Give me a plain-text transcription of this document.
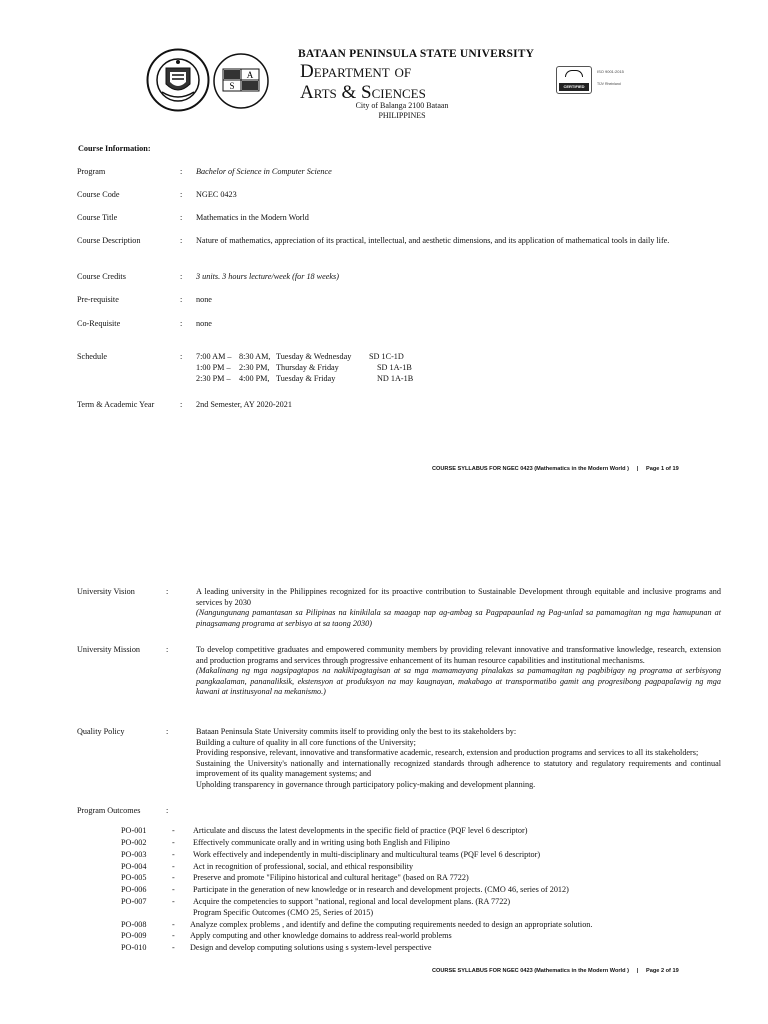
A
S
BATAAN PENINSULA STATE UNIVERSITY
Department of
Arts & Sciences
City of Balanga 2100 Bataan
PHILIPPINES
CERTIFIED
ISO 9001:2015
TÜV Rheinland
Course Information:
Program	: Bachelor of Science in Computer Science
Course Code	: NGEC 0423
Course Title	: Mathematics in the Modern World
Course Description	: Nature of mathematics, appreciation of its practical, intellectual, and aesthetic dimensions, and its application of mathematical tools in daily life.
Course Credits	: 3 units. 3 hours lecture/week (for 18 weeks)
Pre-requisite	: none
Co-Requisite	: none
Schedule	: 7:00 AM –	8:30 AM,	Tuesday & Wednesday	SD 1C-1D
1:00 PM –	2:30 PM,	Thursday & Friday	SD 1A-1B
2:30 PM –	4:00 PM,	Tuesday & Friday	ND 1A-1B
Term & Academic Year	: 2nd Semester, AY 2020-2021
COURSE SYLLABUS FOR NGEC 0423 (Mathematics in the Modern World )     |     Page 1 of 19
University Vision	:	A leading university in the Philippines recognized for its proactive contribution to Sustainable Development through equitable and inclusive programs and services by 2030
(Nangungunang pamantasan sa Pilipinas na kinikilala sa maagap nap ag-ambag sa Pagpapaunlad ng Pag-unlad sa pamamagitan ng mga hamupunan at pinagsamang programa at serbisyo at sa taong 2030)
University Mission	:	To develop competitive graduates and empowered community members by providing relevant innovative and transformative knowledge, research, extension and production programs and services through progressive enhancement of its human resource capabilities and institutional mechanisms.
(Makalinang ng mga nagsipagtapos na nakikipagtagisan at sa mga mamamayang pinalakas sa pamamagitan ng pagbibigay ng programa at serbisyong pangkaalaman, pananaliksik, ekstensyon at produksyon na may kaugnayan, makabago at transpormatibo gamit ang progresibong pagpapalawig ng mga kawani at institusyonal na mekanismo.)
Quality Policy	:	Bataan Peninsula State University commits itself to providing only the best to its stakeholders by:
Building a culture of quality in all core functions of the University;
Providing responsive, relevant, innovative and transformative academic, research, extension and production programs and services to all its stakeholders;
Sustaining the University's nationally and internationally recognized standards through adherence to statutory and regulatory requirements and continual improvement of its quality management systems; and
Upholding transparency in governance through participatory policy-making and development planning.
Program Outcomes	:
PO-001	- Articulate and discuss the latest developments in the specific field of practice (PQF level 6 descriptor)
PO-002	- Effectively communicate orally and in writing using both English and Filipino
PO-003	- Work effectively and independently in multi-disciplinary and multicultural teams (PQF level 6 descriptor)
PO-004	- Act in recognition of professional, social, and ethical responsibility
PO-005	- Preserve and promote "Filipino historical and cultural heritage" (based on RA 7722)
PO-006	- Participate in the generation of new knowledge or in research and development projects. (CMO 46, series of 2012)
PO-007	- Acquire the competencies to support "national, regional and local development plans. (RA 7722)
Program Specific Outcomes (CMO 25, Series of 2015)
PO-008	- Analyze complex problems , and identify and define the computing requirements needed to design an appropriate solution.
PO-009	- Apply computing and other knowledge domains to address real-world problems
PO-010	- Design and develop computing solutions using s system-level perspective
COURSE SYLLABUS FOR NGEC 0423 (Mathematics in the Modern World )     |     Page 2 of 19
